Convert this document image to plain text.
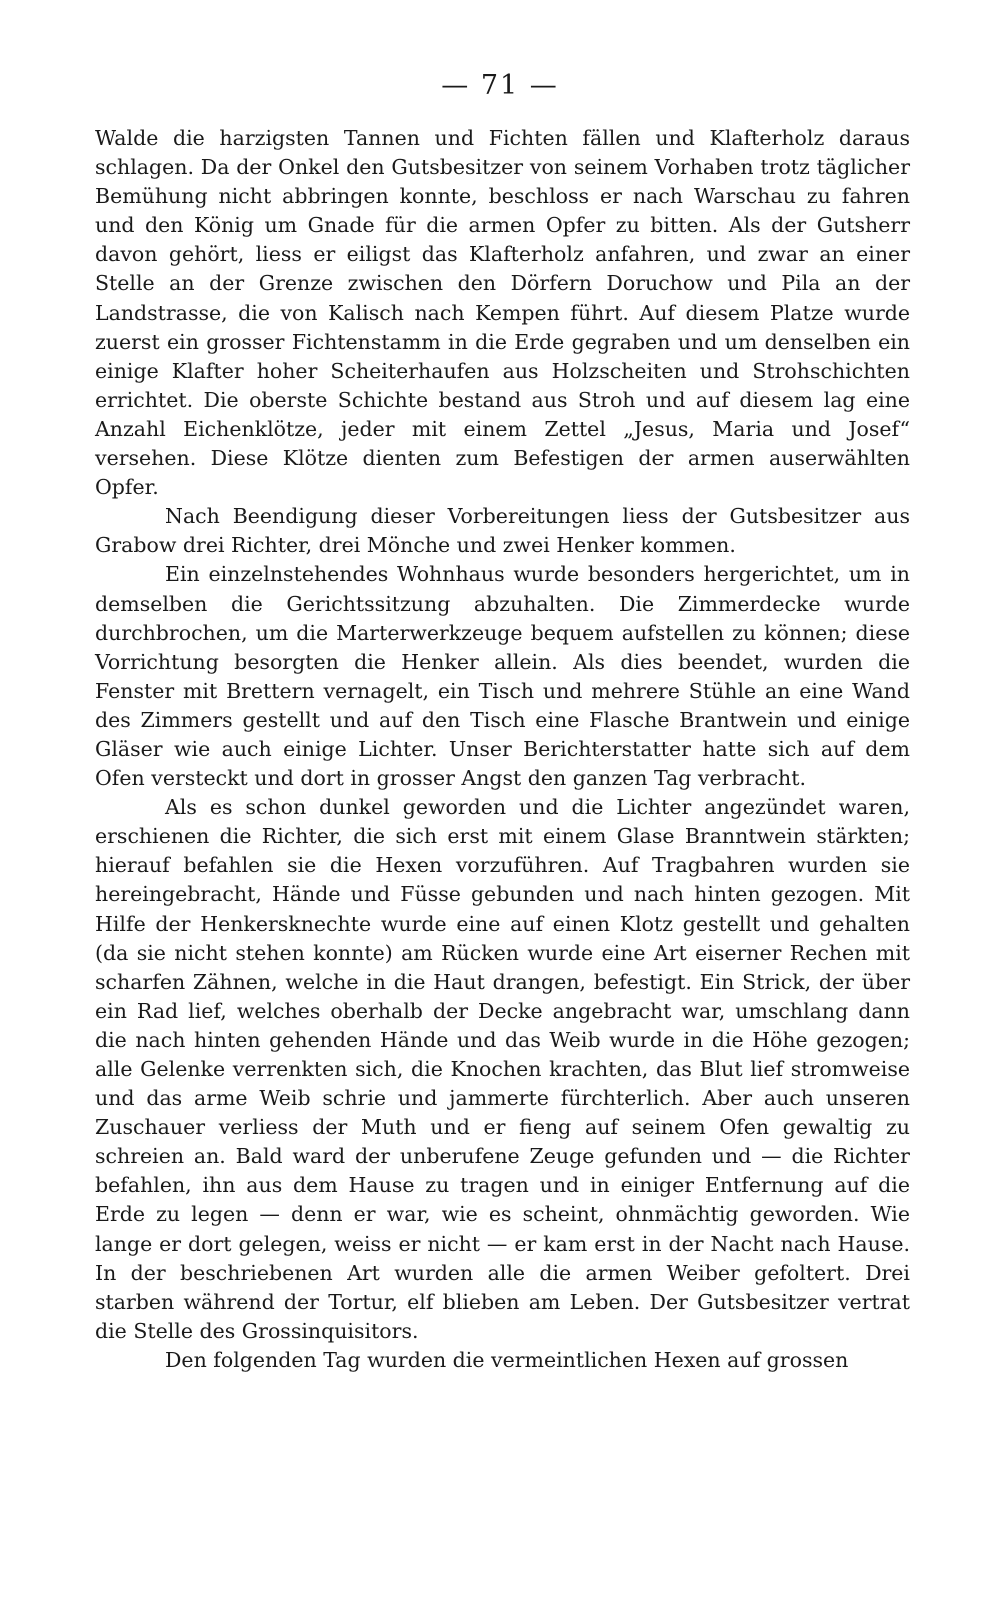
— 71 —

Walde die harzigsten Tannen und Fichten fällen und Klafterholz daraus schlagen. Da der Onkel den Gutsbesitzer von seinem Vorhaben trotz täglicher Bemühung nicht abbringen konnte, beschloss er nach Warschau zu fahren und den König um Gnade für die armen Opfer zu bitten. Als der Gutsherr davon gehört, liess er eiligst das Klafterholz anfahren, und zwar an einer Stelle an der Grenze zwischen den Dörfern Doruchow und Pila an der Landstrasse, die von Kalisch nach Kempen führt. Auf diesem Platze wurde zuerst ein grosser Fichtenstamm in die Erde gegraben und um denselben ein einige Klafter hoher Scheiterhaufen aus Holzscheiten und Strohschichten errichtet. Die oberste Schichte bestand aus Stroh und auf diesem lag eine Anzahl Eichenklötze, jeder mit einem Zettel „Jesus, Maria und Josef“ versehen. Diese Klötze dienten zum Befestigen der armen auserwählten Opfer.

Nach Beendigung dieser Vorbereitungen liess der Gutsbesitzer aus Grabow drei Richter, drei Mönche und zwei Henker kommen.

Ein einzelnstehendes Wohnhaus wurde besonders hergerichtet, um in demselben die Gerichtssitzung abzuhalten. Die Zimmerdecke wurde durchbrochen, um die Marterwerkzeuge bequem aufstellen zu können; diese Vorrichtung besorgten die Henker allein. Als dies beendet, wurden die Fenster mit Brettern vernagelt, ein Tisch und mehrere Stühle an eine Wand des Zimmers gestellt und auf den Tisch eine Flasche Brantwein und einige Gläser wie auch einige Lichter. Unser Berichterstatter hatte sich auf dem Ofen versteckt und dort in grosser Angst den ganzen Tag verbracht.

Als es schon dunkel geworden und die Lichter angezündet waren, erschienen die Richter, die sich erst mit einem Glase Branntwein stärkten; hierauf befahlen sie die Hexen vorzuführen. Auf Tragbahren wurden sie hereingebracht, Hände und Füsse gebunden und nach hinten gezogen. Mit Hilfe der Henkersknechte wurde eine auf einen Klotz gestellt und gehalten (da sie nicht stehen konnte) am Rücken wurde eine Art eiserner Rechen mit scharfen Zähnen, welche in die Haut drangen, befestigt. Ein Strick, der über ein Rad lief, welches oberhalb der Decke angebracht war, umschlang dann die nach hinten gehenden Hände und das Weib wurde in die Höhe gezogen; alle Gelenke verrenkten sich, die Knochen krachten, das Blut lief stromweise und das arme Weib schrie und jammerte fürchterlich. Aber auch unseren Zuschauer verliess der Muth und er fieng auf seinem Ofen gewaltig zu schreien an. Bald ward der unberufene Zeuge gefunden und — die Richter befahlen, ihn aus dem Hause zu tragen und in einiger Entfernung auf die Erde zu legen — denn er war, wie es scheint, ohnmächtig geworden. Wie lange er dort gelegen, weiss er nicht — er kam erst in der Nacht nach Hause. In der beschriebenen Art wurden alle die armen Weiber gefoltert. Drei starben während der Tortur, elf blieben am Leben. Der Gutsbesitzer vertrat die Stelle des Grossinquisitors.

Den folgenden Tag wurden die vermeintlichen Hexen auf grossen
